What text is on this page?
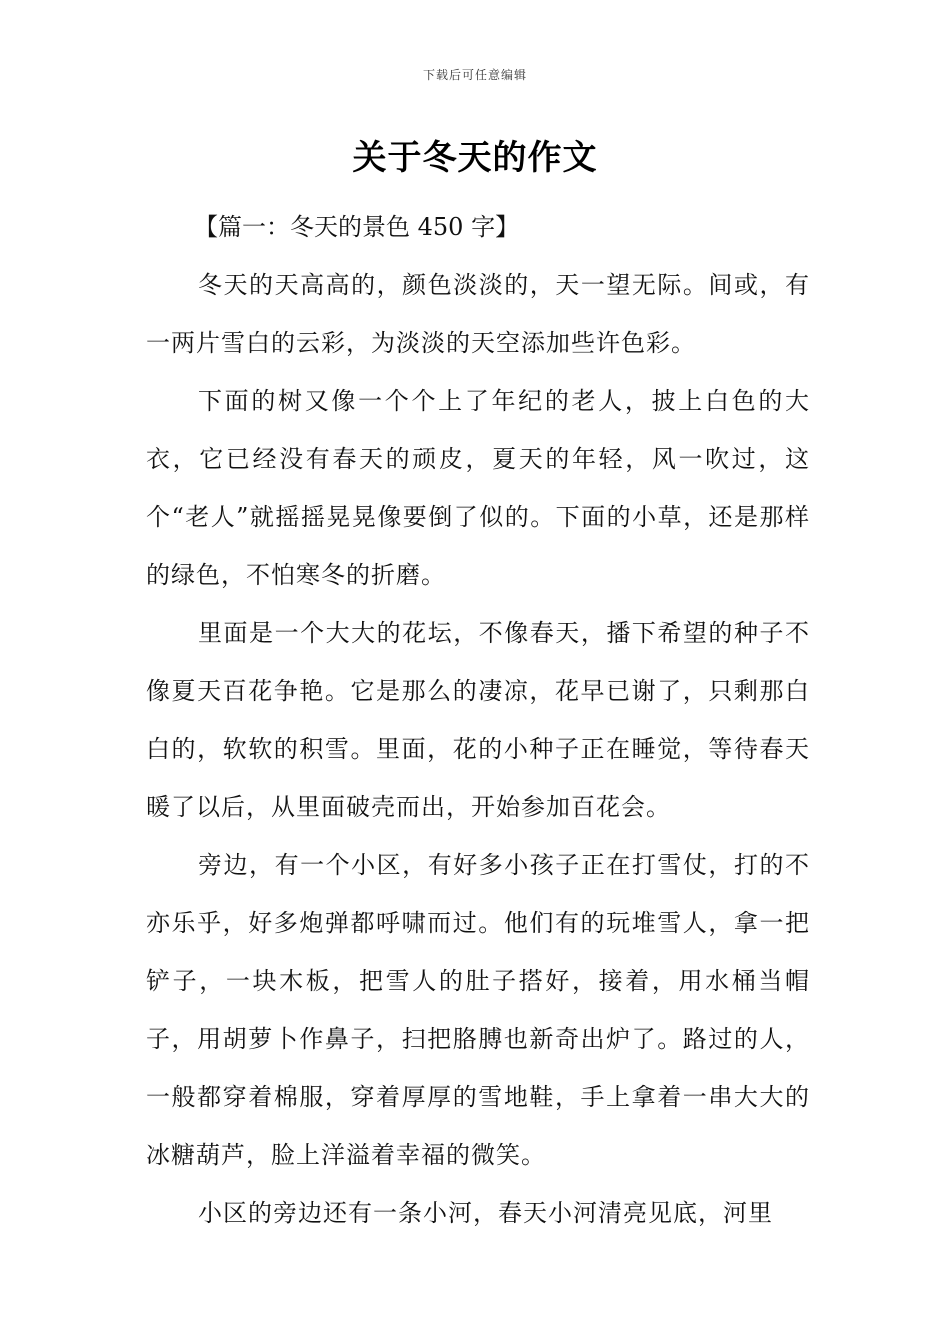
下载后可任意编辑
关于冬天的作文

【篇一：冬天的景色 450 字】

冬天的天高高的，颜色淡淡的，天一望无际。间或，有一两片雪白的云彩，为淡淡的天空添加些许色彩。

下面的树又像一个个上了年纪的老人，披上白色的大衣，它已经没有春天的顽皮，夏天的年轻，风一吹过，这个“老人”就摇摇晃晃像要倒了似的。下面的小草，还是那样的绿色，不怕寒冬的折磨。

里面是一个大大的花坛，不像春天，播下希望的种子不像夏天百花争艳。它是那么的凄凉，花早已谢了，只剩那白白的，软软的积雪。里面，花的小种子正在睡觉，等待春天暖了以后，从里面破壳而出，开始参加百花会。

旁边，有一个小区，有好多小孩子正在打雪仗，打的不亦乐乎，好多炮弹都呼啸而过。他们有的玩堆雪人，拿一把铲子，一块木板，把雪人的肚子搭好，接着，用水桶当帽子，用胡萝卜作鼻子，扫把胳膊也新奇出炉了。路过的人，一般都穿着棉服，穿着厚厚的雪地鞋，手上拿着一串大大的冰糖葫芦，脸上洋溢着幸福的微笑。

小区的旁边还有一条小河，春天小河清亮见底，河里
